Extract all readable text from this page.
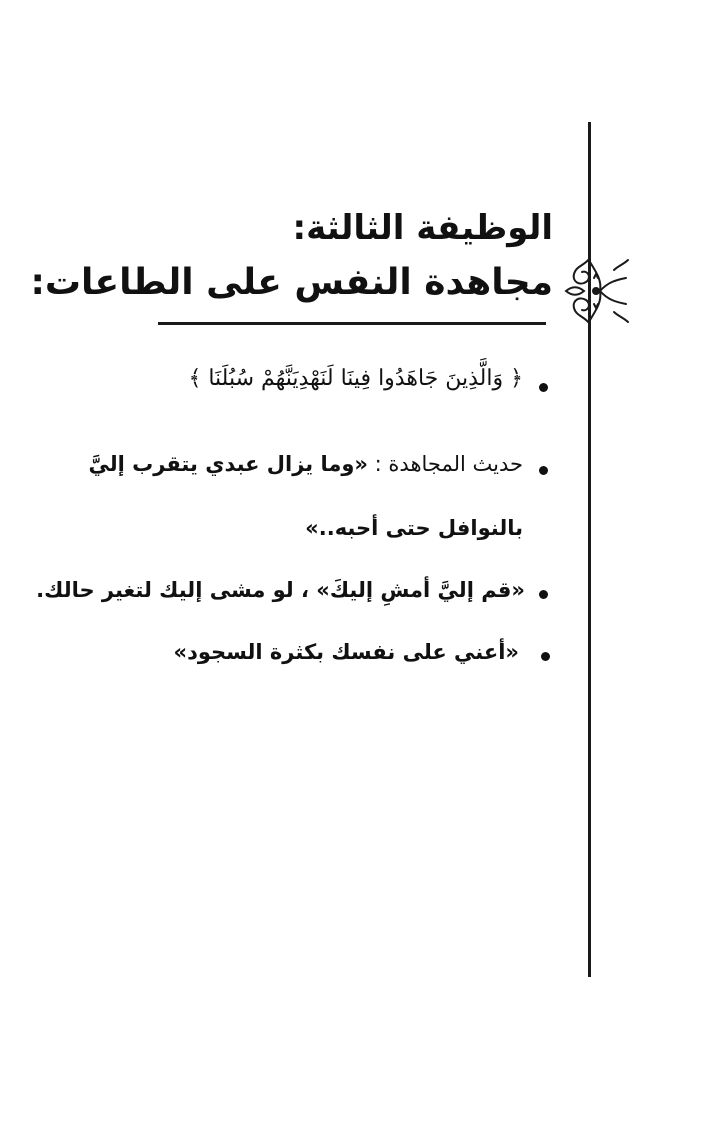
الوظيفة الثالثة:
مجاهدة النفس على الطاعات:
﴿ وَالَّذِينَ جَاهَدُوا فِينَا لَنَهْدِيَنَّهُمْ سُبُلَنَا ﴾
حديث المجاهدة : «وما يزال عبدي يتقرب إليَّ
بالنوافل حتى أحبه..»
«قم إليَّ أمشِ إليكَ» ، لو مشى إليك لتغير حالك.
«أعني على نفسك بكثرة السجود»
